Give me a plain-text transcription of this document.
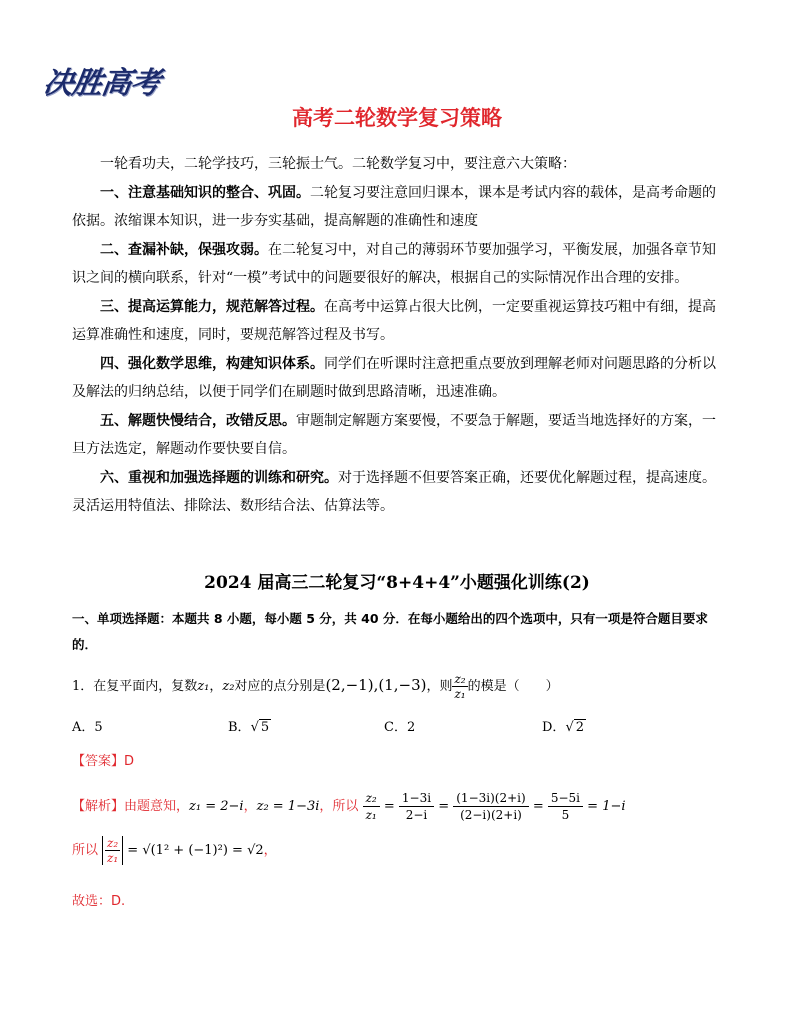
决胜高考
高考二轮数学复习策略

一轮看功夫，二轮学技巧，三轮振士气。二轮数学复习中，要注意六大策略：

一、注意基础知识的整合、巩固。二轮复习要注意回归课本，课本是考试内容的载体，是高考命题的依据。浓缩课本知识，进一步夯实基础，提高解题的准确性和速度

二、查漏补缺，保强攻弱。在二轮复习中，对自己的薄弱环节要加强学习，平衡发展，加强各章节知识之间的横向联系，针对“一模”考试中的问题要很好的解决，根据自己的实际情况作出合理的安排。

三、提高运算能力，规范解答过程。在高考中运算占很大比例，一定要重视运算技巧粗中有细，提高运算准确性和速度，同时，要规范解答过程及书写。

四、强化数学思维，构建知识体系。同学们在听课时注意把重点要放到理解老师对问题思路的分析以及解法的归纳总结，以便于同学们在刷题时做到思路清晰，迅速准确。

五、解题快慢结合，改错反思。审题制定解题方案要慢，不要急于解题，要适当地选择好的方案，一旦方法选定，解题动作要快要自信。

六、重视和加强选择题的训练和研究。对于选择题不但要答案正确，还要优化解题过程，提高速度。灵活运用特值法、排除法、数形结合法、估算法等。

2024 届高三二轮复习“8+4+4”小题强化训练(2)
一、单项选择题：本题共 8 小题，每小题 5 分，共 40 分．在每小题给出的四个选项中，只有一项是符合题目要求的．
1．在复平面内，复数z₁，z₂对应的点分别是(2,−1),(1,−3)，则 $\frac{\text{z₂}}{\text{z₁}}$ 的模是（　　）
A．5	B．√ 5	C．2	D．√ 2
【答案】D
【解析】由题意知，z₁ = 2−i，z₂ = 1−3i，所以 $\frac{\text{z₂}}{\text{z₁}} = \frac{1-3i}{2-i} = \frac{(1-3i)(2+i)}{(2-i)(2+i)} = \frac{5-5i}{5} = 1-i$
所以 $\frac{\text{z₂}}{\text{z₁}} = √(1^2 + (-1)^2) = √2$，
故选：D.
